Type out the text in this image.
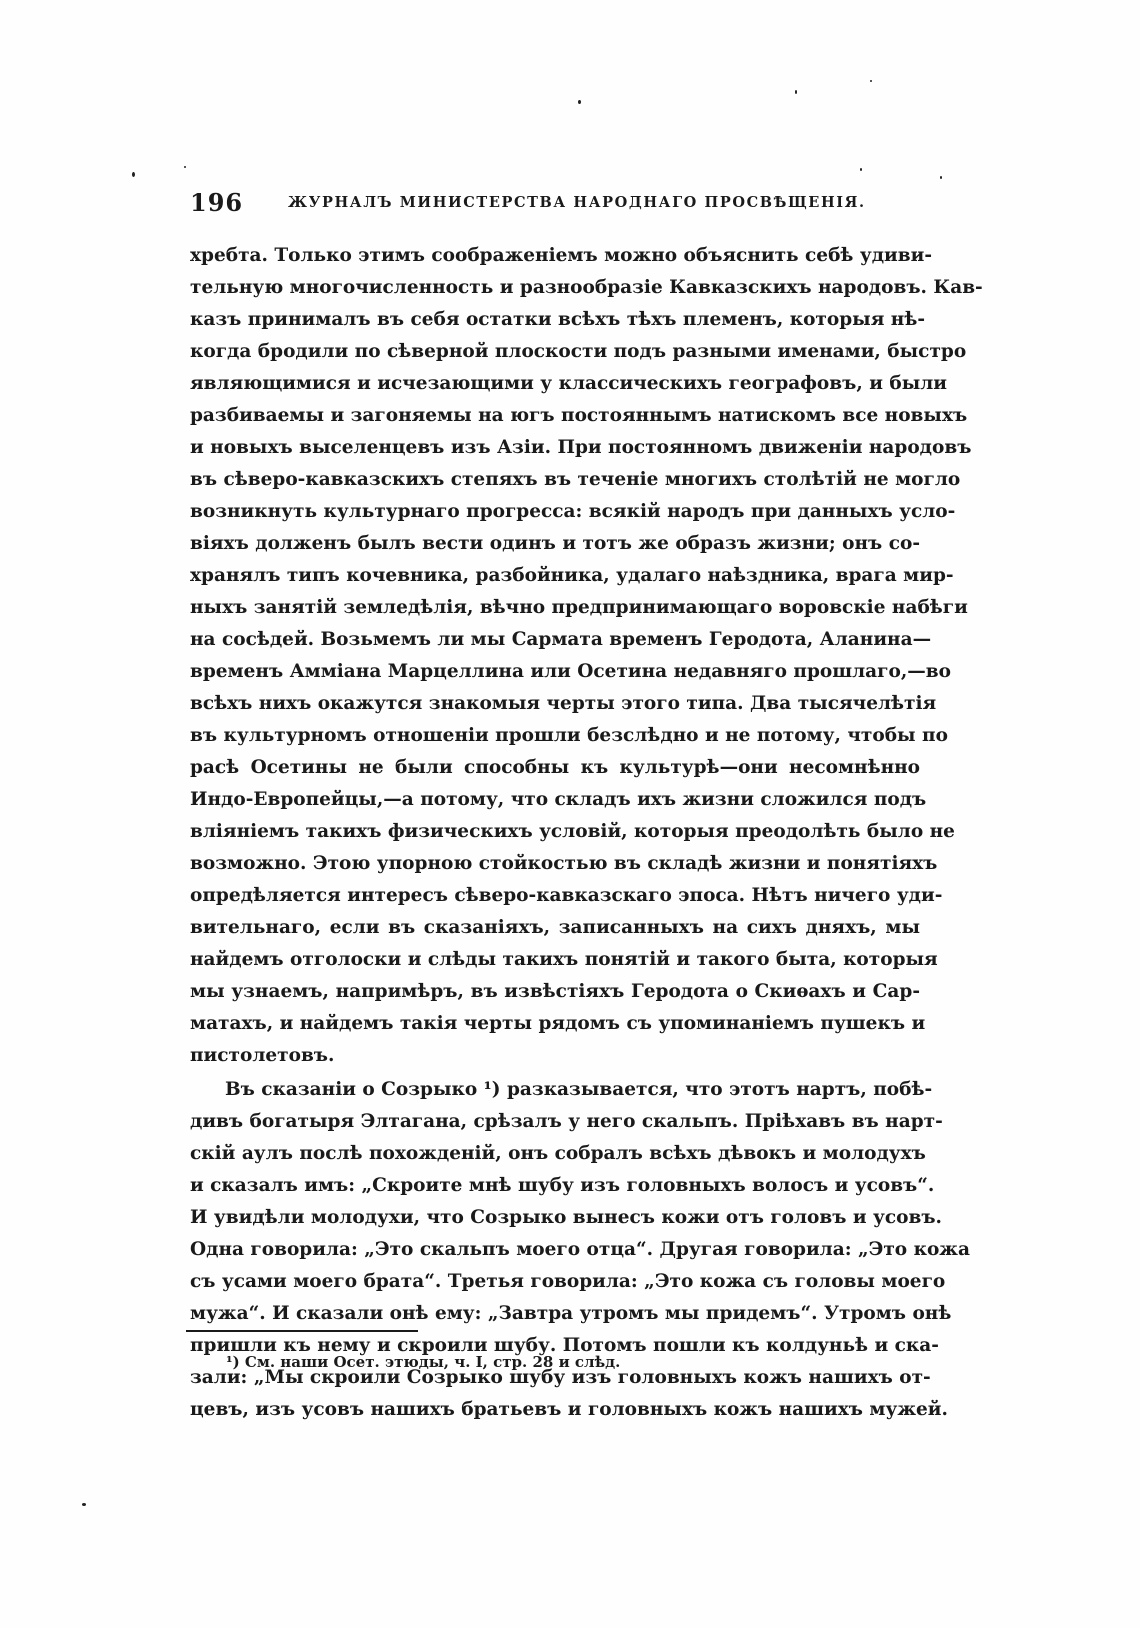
196	ЖУРНАЛЪ МИНИСТЕРСТВА НАРОДНАГО ПРОСВѢЩЕНІЯ.
хребта. Только этимъ соображеніемъ можно объяснить себѣ удиви-
тельную многочисленность и разнообразіе Кавказскихъ народовъ. Кав-
казъ принималъ въ себя остатки всѣхъ тѣхъ племенъ, которыя нѣ-
когда бродили по сѣверной плоскости подъ разными именами, быстро
являющимися и исчезающими у классическихъ географовъ, и были
разбиваемы и загоняемы на югъ постояннымъ натискомъ все новыхъ
и новыхъ выселенцевъ изъ Азіи. При постоянномъ движеніи народовъ
въ сѣверо-кавказскихъ степяхъ въ теченіе многихъ столѣтій не могло
возникнуть культурнаго прогресса: всякій народъ при данныхъ усло-
віяхъ долженъ былъ вести одинъ и тотъ же образъ жизни; онъ со-
хранялъ типъ кочевника, разбойника, удалаго наѣздника, врага мир-
ныхъ занятій земледѣлія, вѣчно предпринимающаго воровскіе набѣги
на сосѣдей. Возьмемъ ли мы Сармата временъ Геродота, Аланина—
временъ Амміана Марцеллина или Осетина недавняго прошлаго,—во
всѣхъ нихъ окажутся знакомыя черты этого типа. Два тысячелѣтія
въ культурномъ отношеніи прошли безслѣдно и не потому, чтобы по
расѣ Осетины не были способны къ культурѣ—они несомнѣнно
Индо-Европейцы,—а потому, что складъ ихъ жизни сложился подъ
вліяніемъ такихъ физическихъ условій, которыя преодолѣть было не
возможно. Этою упорною стойкостью въ складѣ жизни и понятіяхъ
опредѣляется интересъ сѣверо-кавказскаго эпоса. Нѣтъ ничего уди-
вительнаго, если въ сказаніяхъ, записанныхъ на сихъ дняхъ, мы
найдемъ отголоски и слѣды такихъ понятій и такого быта, которыя
мы узнаемъ, напримѣръ, въ извѣстіяхъ Геродота о Скиѳахъ и Сар-
матахъ, и найдемъ такія черты рядомъ съ упоминаніемъ пушекъ и
пистолетовъ.
Въ сказаніи о Созрыко ¹) разказывается, что этотъ нартъ, побѣ-
дивъ богатыря Элтагана, срѣзалъ у него скальпъ. Пріѣхавъ въ нарт-
скій аулъ послѣ похожденій, онъ собралъ всѣхъ дѣвокъ и молодухъ
и сказалъ имъ: „Скроите мнѣ шубу изъ головныхъ волосъ и усовъ“.
И увидѣли молодухи, что Созрыко вынесъ кожи отъ головъ и усовъ.
Одна говорила: „Это скальпъ моего отца“. Другая говорила: „Это кожа
съ усами моего брата“. Третья говорила: „Это кожа съ головы моего
мужа“. И сказали онѣ ему: „Завтра утромъ мы придемъ“. Утромъ онѣ
пришли къ нему и скроили шубу. Потомъ пошли къ колдуньѣ и ска-
зали: „Мы скроили Созрыко шубу изъ головныхъ кожъ нашихъ от-
цевъ, изъ усовъ нашихъ братьевъ и головныхъ кожъ нашихъ мужей.
¹) См. наши Осет. этюды, ч. I, стр. 28 и слѣд.
